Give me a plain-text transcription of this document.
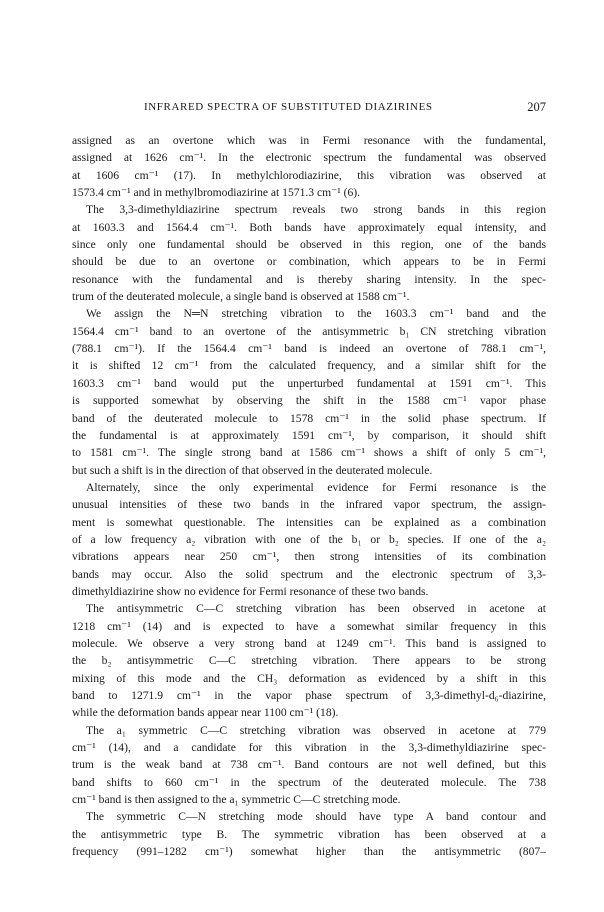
INFRARED SPECTRA OF SUBSTITUTED DIAZIRINES	207
assigned as an overtone which was in Fermi resonance with the fundamental,
assigned at 1626 cm⁻¹. In the electronic spectrum the fundamental was observed
at 1606 cm⁻¹ (17). In methylchlorodiazirine, this vibration was observed at
1573.4 cm⁻¹ and in methylbromodiazirine at 1571.3 cm⁻¹ (6).
The 3,3-dimethyldiazirine spectrum reveals two strong bands in this region
at 1603.3 and 1564.4 cm⁻¹. Both bands have approximately equal intensity, and
since only one fundamental should be observed in this region, one of the bands
should be due to an overtone or combination, which appears to be in Fermi
resonance with the fundamental and is thereby sharing intensity. In the spec-
trum of the deuterated molecule, a single band is observed at 1588 cm⁻¹.
We assign the N═N stretching vibration to the 1603.3 cm⁻¹ band and the
1564.4 cm⁻¹ band to an overtone of the antisymmetric b₁ CN stretching vibration
(788.1 cm⁻¹). If the 1564.4 cm⁻¹ band is indeed an overtone of 788.1 cm⁻¹,
it is shifted 12 cm⁻¹ from the calculated frequency, and a similar shift for the
1603.3 cm⁻¹ band would put the unperturbed fundamental at 1591 cm⁻¹. This
is supported somewhat by observing the shift in the 1588 cm⁻¹ vapor phase
band of the deuterated molecule to 1578 cm⁻¹ in the solid phase spectrum. If
the fundamental is at approximately 1591 cm⁻¹, by comparison, it should shift
to 1581 cm⁻¹. The single strong band at 1586 cm⁻¹ shows a shift of only 5 cm⁻¹,
but such a shift is in the direction of that observed in the deuterated molecule.
Alternately, since the only experimental evidence for Fermi resonance is the
unusual intensities of these two bands in the infrared vapor spectrum, the assign-
ment is somewhat questionable. The intensities can be explained as a combination
of a low frequency a₂ vibration with one of the b₁ or b₂ species. If one of the a₂
vibrations appears near 250 cm⁻¹, then strong intensities of its combination
bands may occur. Also the solid spectrum and the electronic spectrum of 3,3-
dimethyldiazirine show no evidence for Fermi resonance of these two bands.
The antisymmetric C—C stretching vibration has been observed in acetone at
1218 cm⁻¹ (14) and is expected to have a somewhat similar frequency in this
molecule. We observe a very strong band at 1249 cm⁻¹. This band is assigned to
the b₂ antisymmetric C—C stretching vibration. There appears to be strong
mixing of this mode and the CH₃ deformation as evidenced by a shift in this
band to 1271.9 cm⁻¹ in the vapor phase spectrum of 3,3-dimethyl-d₆-diazirine,
while the deformation bands appear near 1100 cm⁻¹ (18).
The a₁ symmetric C—C stretching vibration was observed in acetone at 779
cm⁻¹ (14), and a candidate for this vibration in the 3,3-dimethyldiazirine spec-
trum is the weak band at 738 cm⁻¹. Band contours are not well defined, but this
band shifts to 660 cm⁻¹ in the spectrum of the deuterated molecule. The 738
cm⁻¹ band is then assigned to the a₁ symmetric C—C stretching mode.
The symmetric C—N stretching mode should have type A band contour and
the antisymmetric type B. The symmetric vibration has been observed at a
frequency (991–1282 cm⁻¹) somewhat higher than the antisymmetric (807–
